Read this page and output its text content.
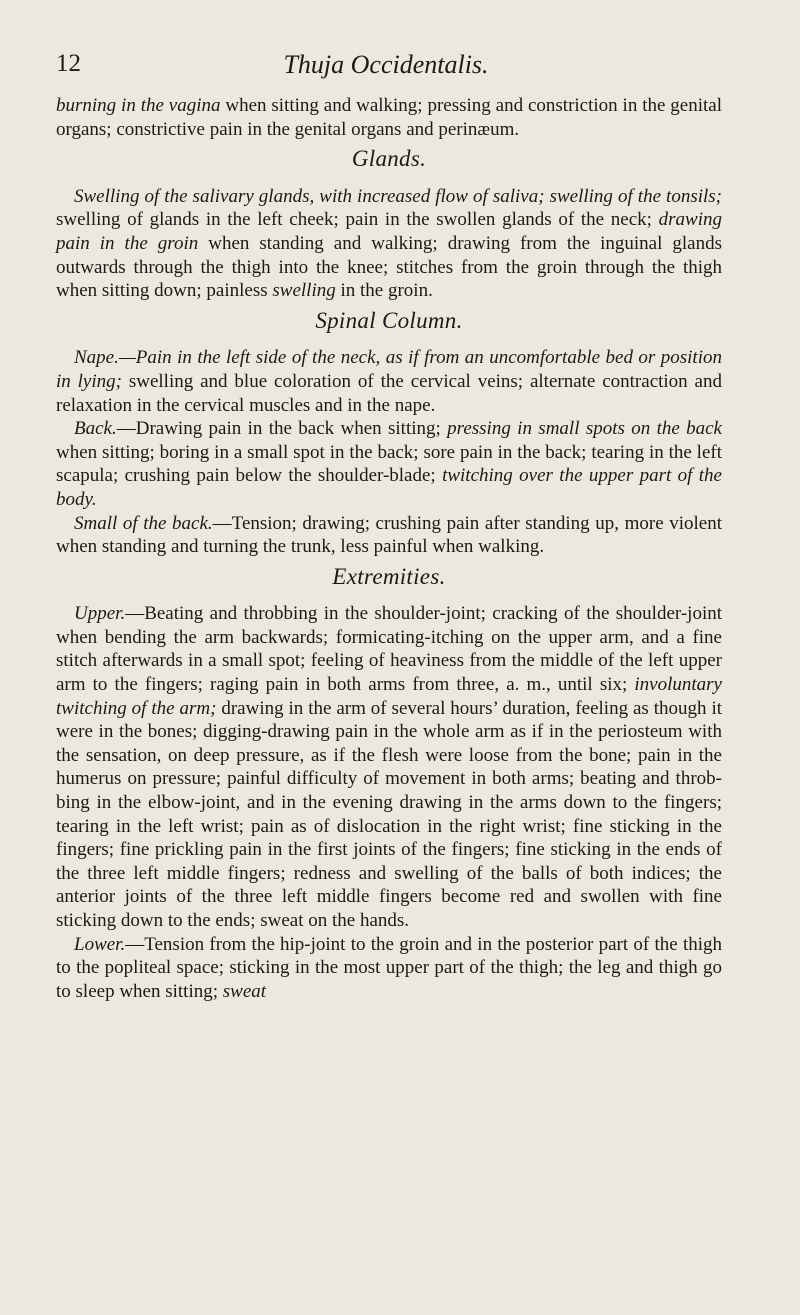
12	Thuja Occidentalis.

burning in the vagina when sitting and walking; pressing and constriction in the genital organs; constrictive pain in the genital organs and perinæum.

Glands.

Swelling of the salivary glands, with increased flow of saliva; swelling of the tonsils; swelling of glands in the left cheek; pain in the swollen glands of the neck; drawing pain in the groin when standing and walking; drawing from the inguinal glands outwards through the thigh into the knee; stitches from the groin through the thigh when sitting down; painless swelling in the groin.

Spinal Column.

Nape.—Pain in the left side of the neck, as if from an uncomfortable bed or position in lying; swelling and blue coloration of the cervical veins; alternate contraction and relaxation in the cervical muscles and in the nape.

Back.—Drawing pain in the back when sitting; pressing in small spots on the back when sitting; boring in a small spot in the back; sore pain in the back; tearing in the left scapula; crushing pain below the shoulder-blade; twitching over the upper part of the body.

Small of the back.—Tension; drawing; crushing pain after standing up, more violent when standing and turning the trunk, less painful when walking.

Extremities.

Upper.—Beating and throbbing in the shoulder-joint; cracking of the shoulder-joint when bending the arm backwards; formicating-itching on the upper arm, and a fine stitch afterwards in a small spot; feeling of heaviness from the middle of the left upper arm to the fingers; raging pain in both arms from three, a. m., until six; involuntary twitching of the arm; drawing in the arm of several hours’ duration, feeling as though it were in the bones; digging-drawing pain in the whole arm as if in the periosteum with the sensation, on deep pressure, as if the flesh were loose from the bone; pain in the humerus on pressure; painful difficulty of movement in both arms; beating and throbbing in the elbow-joint, and in the evening drawing in the arms down to the fingers; tearing in the left wrist; pain as of dislocation in the right wrist; fine sticking in the fingers; fine prickling pain in the first joints of the fingers; fine sticking in the ends of the three left middle fingers; redness and swelling of the balls of both indices; the anterior joints of the three left middle fingers become red and swollen with fine sticking down to the ends; sweat on the hands.

Lower.—Tension from the hip-joint to the groin and in the posterior part of the thigh to the popliteal space; sticking in the most upper part of the thigh; the leg and thigh go to sleep when sitting; sweat
